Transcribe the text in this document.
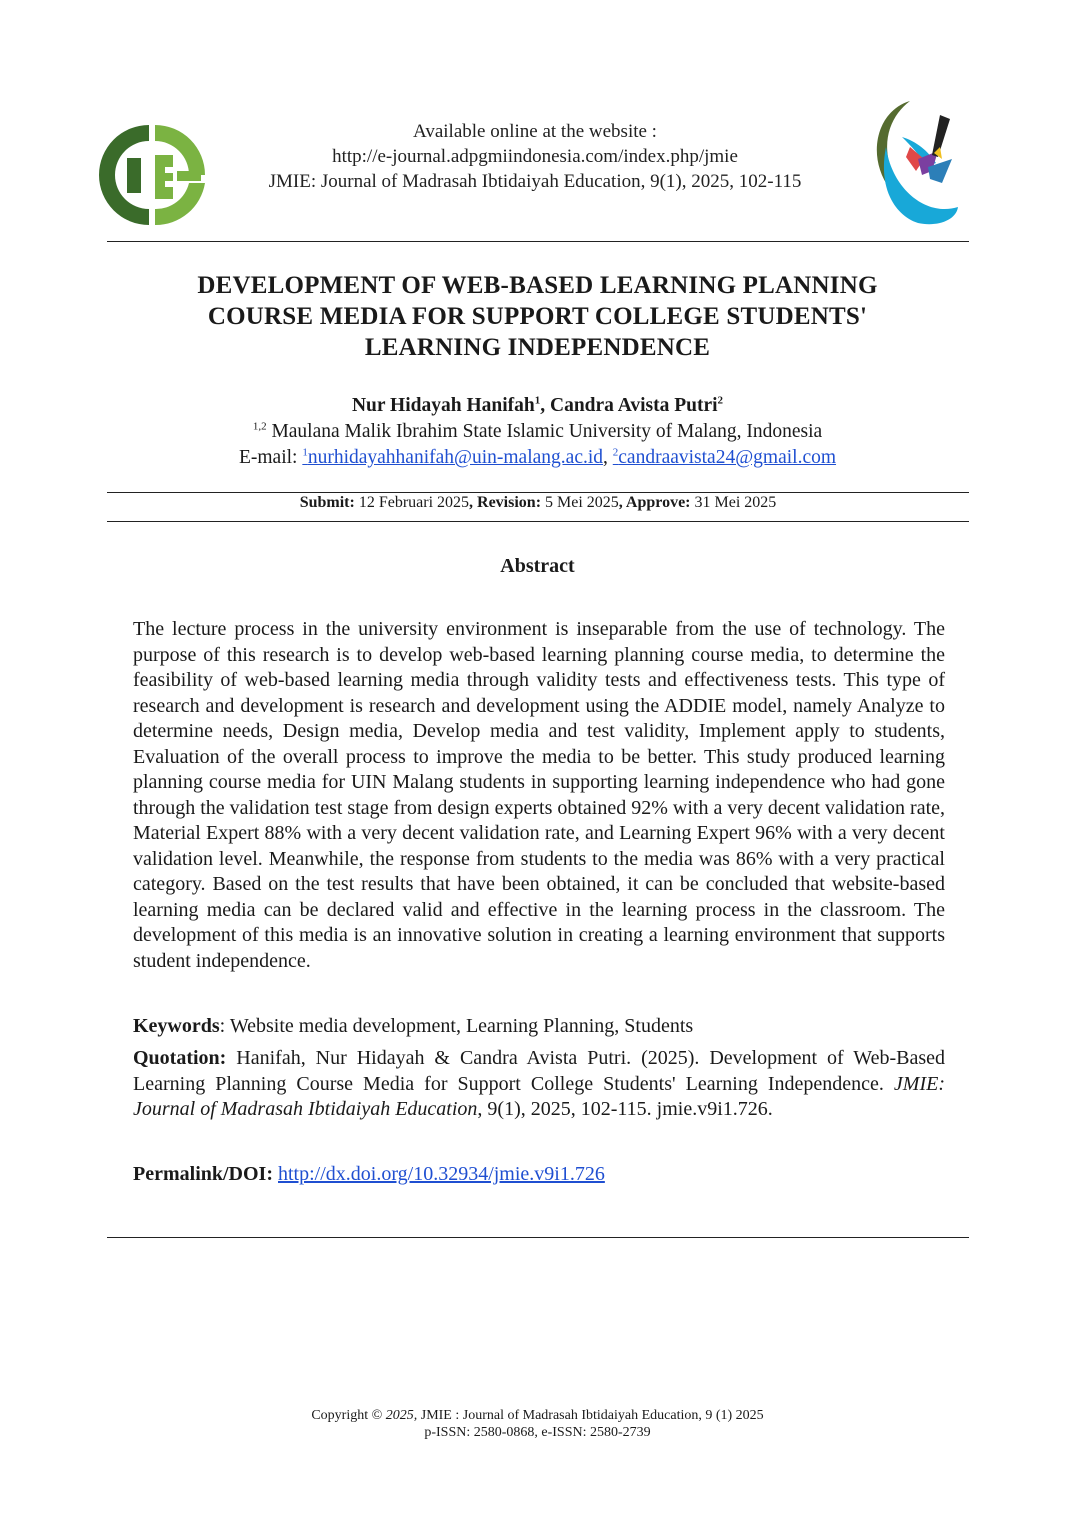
Available online at the website :
http://e-journal.adpgmiindonesia.com/index.php/jmie
JMIE: Journal of Madrasah Ibtidaiyah Education, 9(1), 2025, 102-115
DEVELOPMENT OF WEB-BASED LEARNING PLANNING
COURSE MEDIA FOR SUPPORT COLLEGE STUDENTS'
LEARNING INDEPENDENCE
Nur Hidayah Hanifah$^1$, Candra Avista Putri$^2$
$^{1,2}$ Maulana Malik Ibrahim State Islamic University of Malang, Indonesia
E-mail: $^1$nurhidayahhanifah@uin-malang.ac.id, $^2$candraavista24@gmail.com
Submit: 12 Februari 2025, Revision: 5 Mei 2025, Approve: 31 Mei 2025
Abstract
The lecture process in the university environment is inseparable from the use of technology. The purpose of this research is to develop web-based learning planning course media, to determine the feasibility of web-based learning media through validity tests and effectiveness tests. This type of research and development is research and development using the ADDIE model, namely Analyze to determine needs, Design media, Develop media and test validity, Implement apply to students, Evaluation of the overall process to improve the media to be better. This study produced learning planning course media for UIN Malang students in supporting learning independence who had gone through the validation test stage from design experts obtained 92% with a very decent validation rate, Material Expert 88% with a very decent validation rate, and Learning Expert 96% with a very decent validation level. Meanwhile, the response from students to the media was 86% with a very practical category. Based on the test results that have been obtained, it can be concluded that website-based learning media can be declared valid and effective in the learning process in the classroom. The development of this media is an innovative solution in creating a learning environment that supports student independence.
Keywords: Website media development, Learning Planning, Students
Quotation: Hanifah, Nur Hidayah & Candra Avista Putri. (2025). Development of Web-Based Learning Planning Course Media for Support College Students' Learning Independence. JMIE: Journal of Madrasah Ibtidaiyah Education, 9(1), 2025, 102-115. jmie.v9i1.726.
Permalink/DOI: http://dx.doi.org/10.32934/jmie.v9i1.726
Copyright © 2025, JMIE : Journal of Madrasah Ibtidaiyah Education, 9 (1) 2025
p-ISSN: 2580-0868, e-ISSN: 2580-2739
